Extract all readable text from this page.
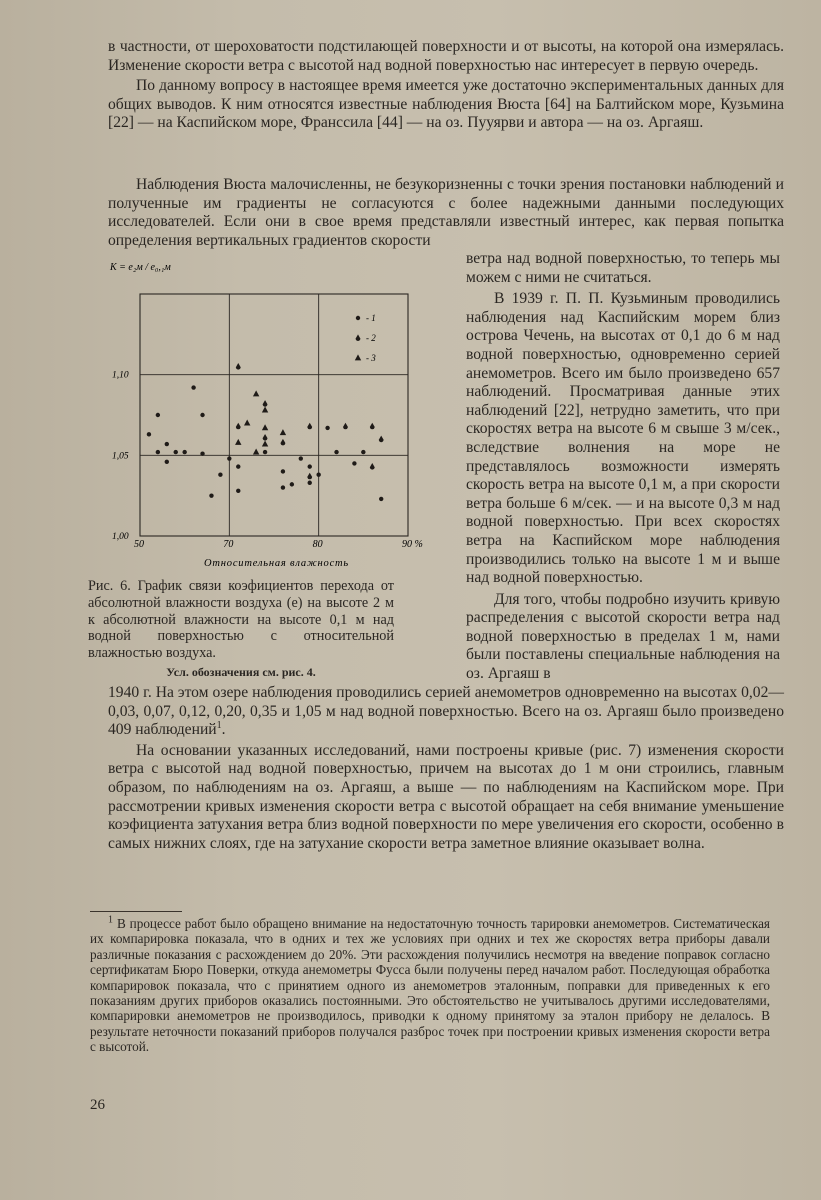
в частности, от шероховатости подстилающей поверхности и от высоты, на которой она измерялась. Изменение скорости ветра с высотой над водной поверхностью нас интересует в первую очередь.

По данному вопросу в настоящее время имеется уже достаточно экспериментальных данных для общих выводов. К ним относятся известные наблюдения Вюста [64] на Балтийском море, Кузьмина [22] — на Каспийском море, Франссила [44] — на оз. Пууярви и автора — на оз. Аргаяш.

Наблюдения Вюста малочисленны, не безукоризненны с точки зрения постановки наблюдений и полученные им градиенты не согласуются с более надежными данными последующих исследователей. Если они в свое время представляли известный интерес, как первая попытка определения вертикальных градиентов скорости

ветра над водной поверхностью, то теперь мы можем с ними не считаться.

В 1939 г. П. П. Кузьминым проводились наблюдения над Каспийским морем близ острова Чечень, на высотах от 0,1 до 6 м над водной поверхностью, одновременно серией анемометров. Всего им было произведено 657 наблюдений. Просматривая данные этих наблюдений [22], нетрудно заметить, что при скоростях ветра на высоте 6 м свыше 3 м/сек., вследствие волнения на море не представлялось возможности измерять скорость ветра на высоте 0,1 м, а при скорости ветра больше 6 м/сек. — и на высоте 0,3 м над водной поверхностью. При всех скоростях ветра на Каспийском море наблюдения производились только на высоте 1 м и выше над водной поверхностью.

Для того, чтобы подробно изучить кривую распределения с высотой скорости ветра над водной поверхностью в пределах 1 м, нами были поставлены специальные наблюдения на оз. Аргаяш в

K = e₂м / e₀,₁м
50	70	80	90 %
1,00
1,05
1,10
- 1
- 2
- 3
Относительная влажность

Рис. 6. График связи коэфициентов перехода от абсолютной влажности воздуха (e) на высоте 2 м к абсолютной влажности на высоте 0,1 м над водной поверхностью с относительной влажностью воздуха.

Усл. обозначения см. рис. 4.

1940 г. На этом озере наблюдения проводились серией анемометров одновременно на высотах 0,02—0,03, 0,07, 0,12, 0,20, 0,35 и 1,05 м над водной поверхностью. Всего на оз. Аргаяш было произведено 409 наблюдений$^1$.

На основании указанных исследований, нами построены кривые (рис. 7) изменения скорости ветра с высотой над водной поверхностью, причем на высотах до 1 м они строились, главным образом, по наблюдениям на оз. Аргаяш, а выше — по наблюдениям на Каспийском море. При рассмотрении кривых изменения скорости ветра с высотой обращает на себя внимание уменьшение коэфициента затухания ветра близ водной поверхности по мере увеличения его скорости, особенно в самых нижних слоях, где на затухание скорости ветра заметное влияние оказывает волна.

$^1$ В процессе работ было обращено внимание на недостаточную точность тарировки анемометров. Систематическая их компарировка показала, что в одних и тех же условиях при одних и тех же скоростях ветра приборы давали различные показания с расхождением до 20%. Эти расхождения получились несмотря на введение поправок согласно сертификатам Бюро Поверки, откуда анемометры Фусса были получены перед началом работ. Последующая обработка компарировок показала, что с принятием одного из анемометров эталонным, поправки для приведенных к его показаниям других приборов оказались постоянными. Это обстоятельство не учитывалось другими исследователями, компарировки анемометров не производилось, приводки к одному принятому за эталон прибору не делалось. В результате неточности показаний приборов получался разброс точек при построении кривых изменения скорости ветра с высотой.

26
